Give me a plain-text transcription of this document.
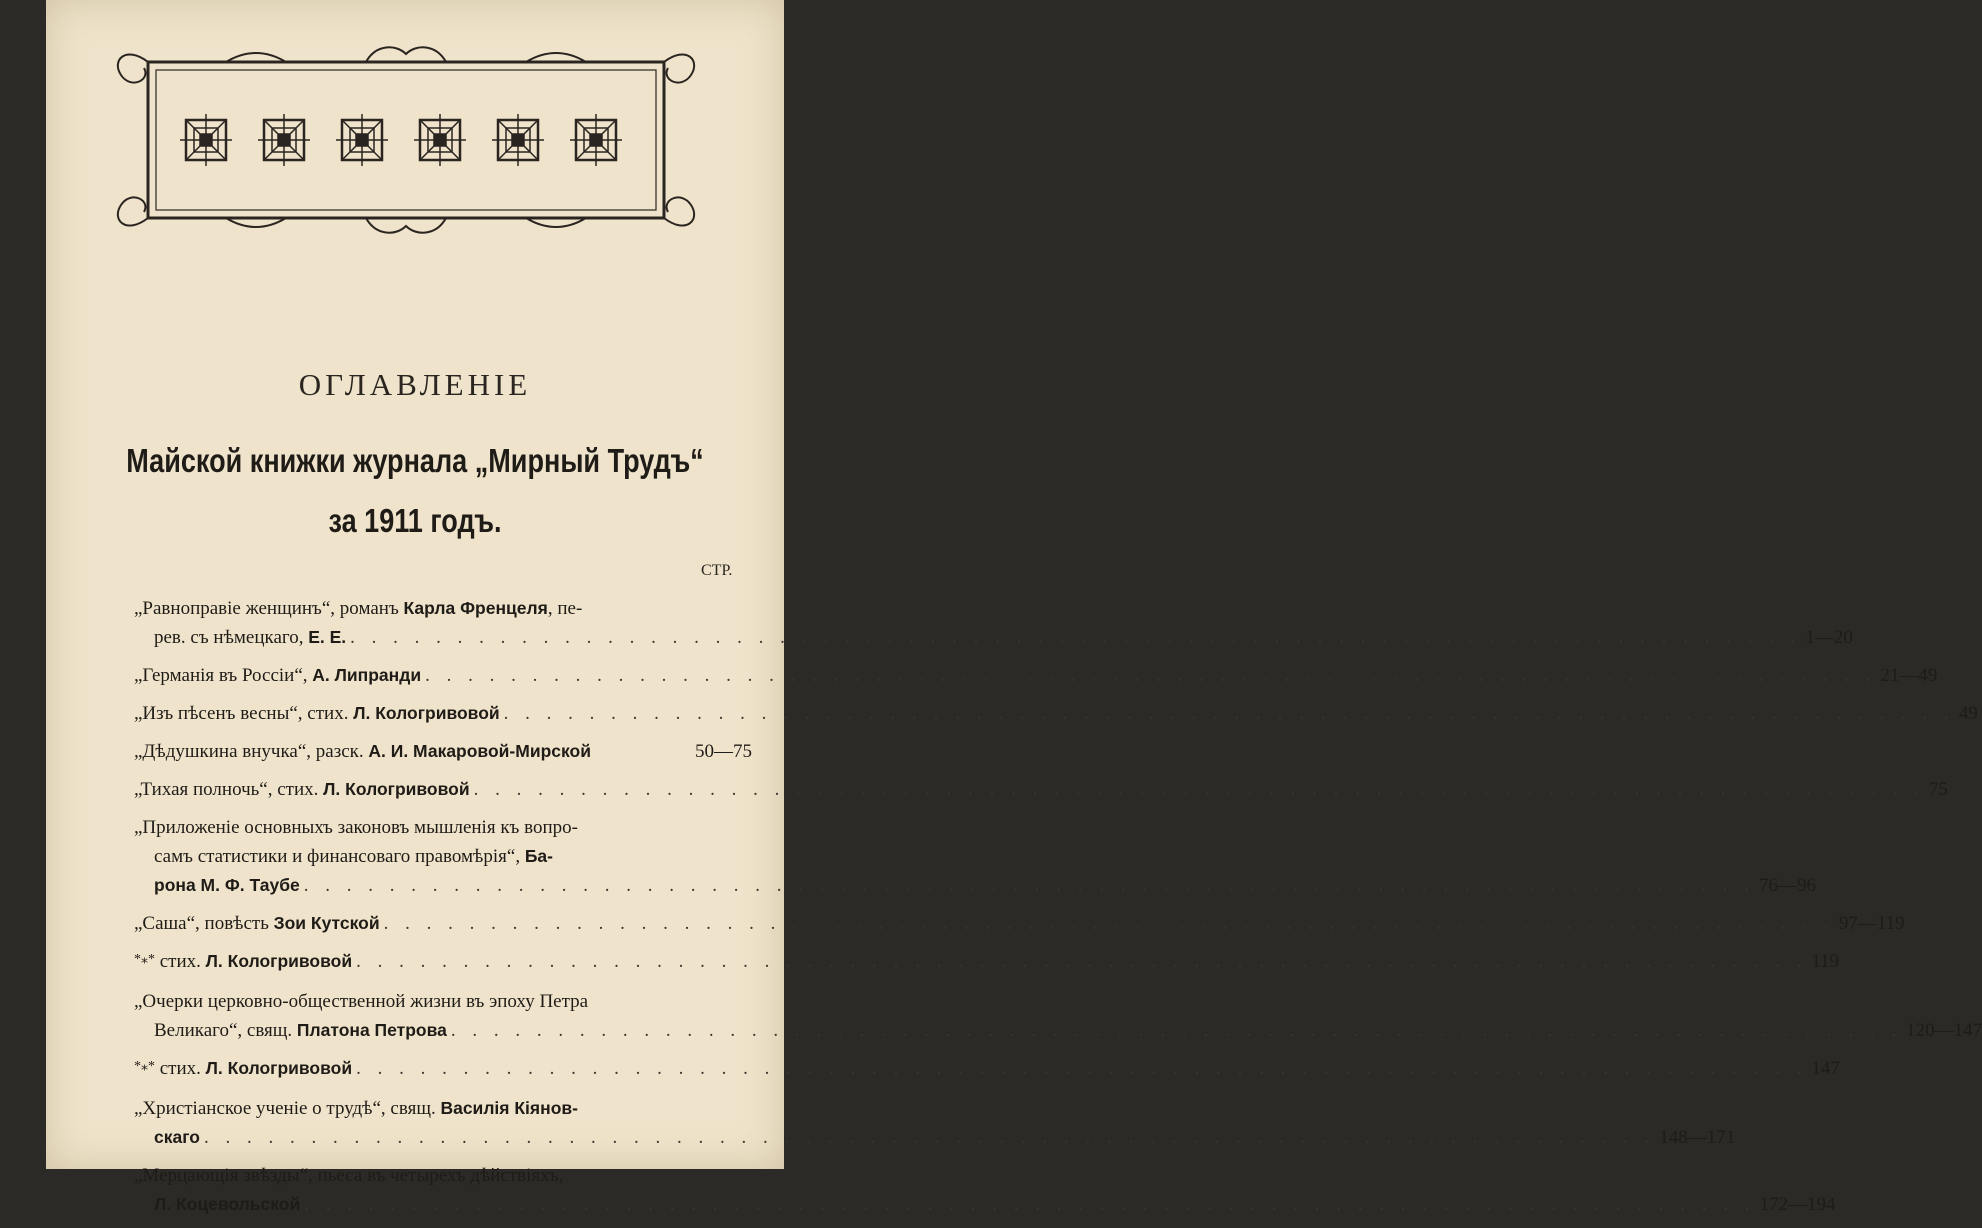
ОГЛАВЛЕНІЕ
Майской книжки журнала „Мирный Трудъ“
за 1911 годъ.
СТР.
„Равноправіе женщинъ“, романъ Карла Френцеля, пе-
рев. съ нѣмецкаго, Е. Е. . . . . . . . . . . . . . . . . . . . . . . . . . . . . . . . . . . . . . . . . . . . . . . . . . . . . . . . . . . . . . . . . . . . . 1—20
„Германія въ Россіи“, А. Липранди . . . . . . . . . . . . . . . . . . . . . . . . . . . . . . . . . . . . . . . . . . . . . . . . . . . . . . . . . . . . . . . . . . . . 21—49
„Изъ пѣсенъ весны“, стих. Л. Кологривовой . . . . . . . . . . . . . . . . . . . . . . . . . . . . . . . . . . . . . . . . . . . . . . . . . . . . . . . . . . . . . . . . . . . . 49
„Дѣдушкина внучка“, разск. А. И. Макаровой-Мирской	50—75
„Тихая полночь“, стих. Л. Кологривовой . . . . . . . . . . . . . . . . . . . . . . . . . . . . . . . . . . . . . . . . . . . . . . . . . . . . . . . . . . . . . . . . . . . . 75
„Приложеніе основныхъ законовъ мышленія къ вопро-
самъ статистики и финансоваго правомѣрія“, Ба-
рона М. Ф. Таубе . . . . . . . . . . . . . . . . . . . . . . . . . . . . . . . . . . . . . . . . . . . . . . . . . . . . . . . . . . . . . . . . . . . . 76—96
„Саша“, повѣсть Зои Кутской . . . . . . . . . . . . . . . . . . . . . . . . . . . . . . . . . . . . . . . . . . . . . . . . . . . . . . . . . . . . . . . . . . . . 97—119
*⁎* стих. Л. Кологривовой . . . . . . . . . . . . . . . . . . . . . . . . . . . . . . . . . . . . . . . . . . . . . . . . . . . . . . . . . . . . . . . . . . . . 119
„Очерки церковно-общественной жизни въ эпоху Петра
Великаго“, свящ. Платона Петрова . . . . . . . . . . . . . . . . . . . . . . . . . . . . . . . . . . . . . . . . . . . . . . . . . . . . . . . . . . . . . . . . . . . . 120—147
*⁎* стих. Л. Кологривовой . . . . . . . . . . . . . . . . . . . . . . . . . . . . . . . . . . . . . . . . . . . . . . . . . . . . . . . . . . . . . . . . . . . . 147
„Христіанское ученіе о трудѣ“, свящ. Василія Кіянов-
скаго . . . . . . . . . . . . . . . . . . . . . . . . . . . . . . . . . . . . . . . . . . . . . . . . . . . . . . . . . . . . . . . . . . . . 148—171
„Мерцающія звѣзды“, пьеса въ четырехъ дѣйствіяхъ,
Л. Коцевольской . . . . . . . . . . . . . . . . . . . . . . . . . . . . . . . . . . . . . . . . . . . . . . . . . . . . . . . . . . . . . . . . . . . . 172—194
